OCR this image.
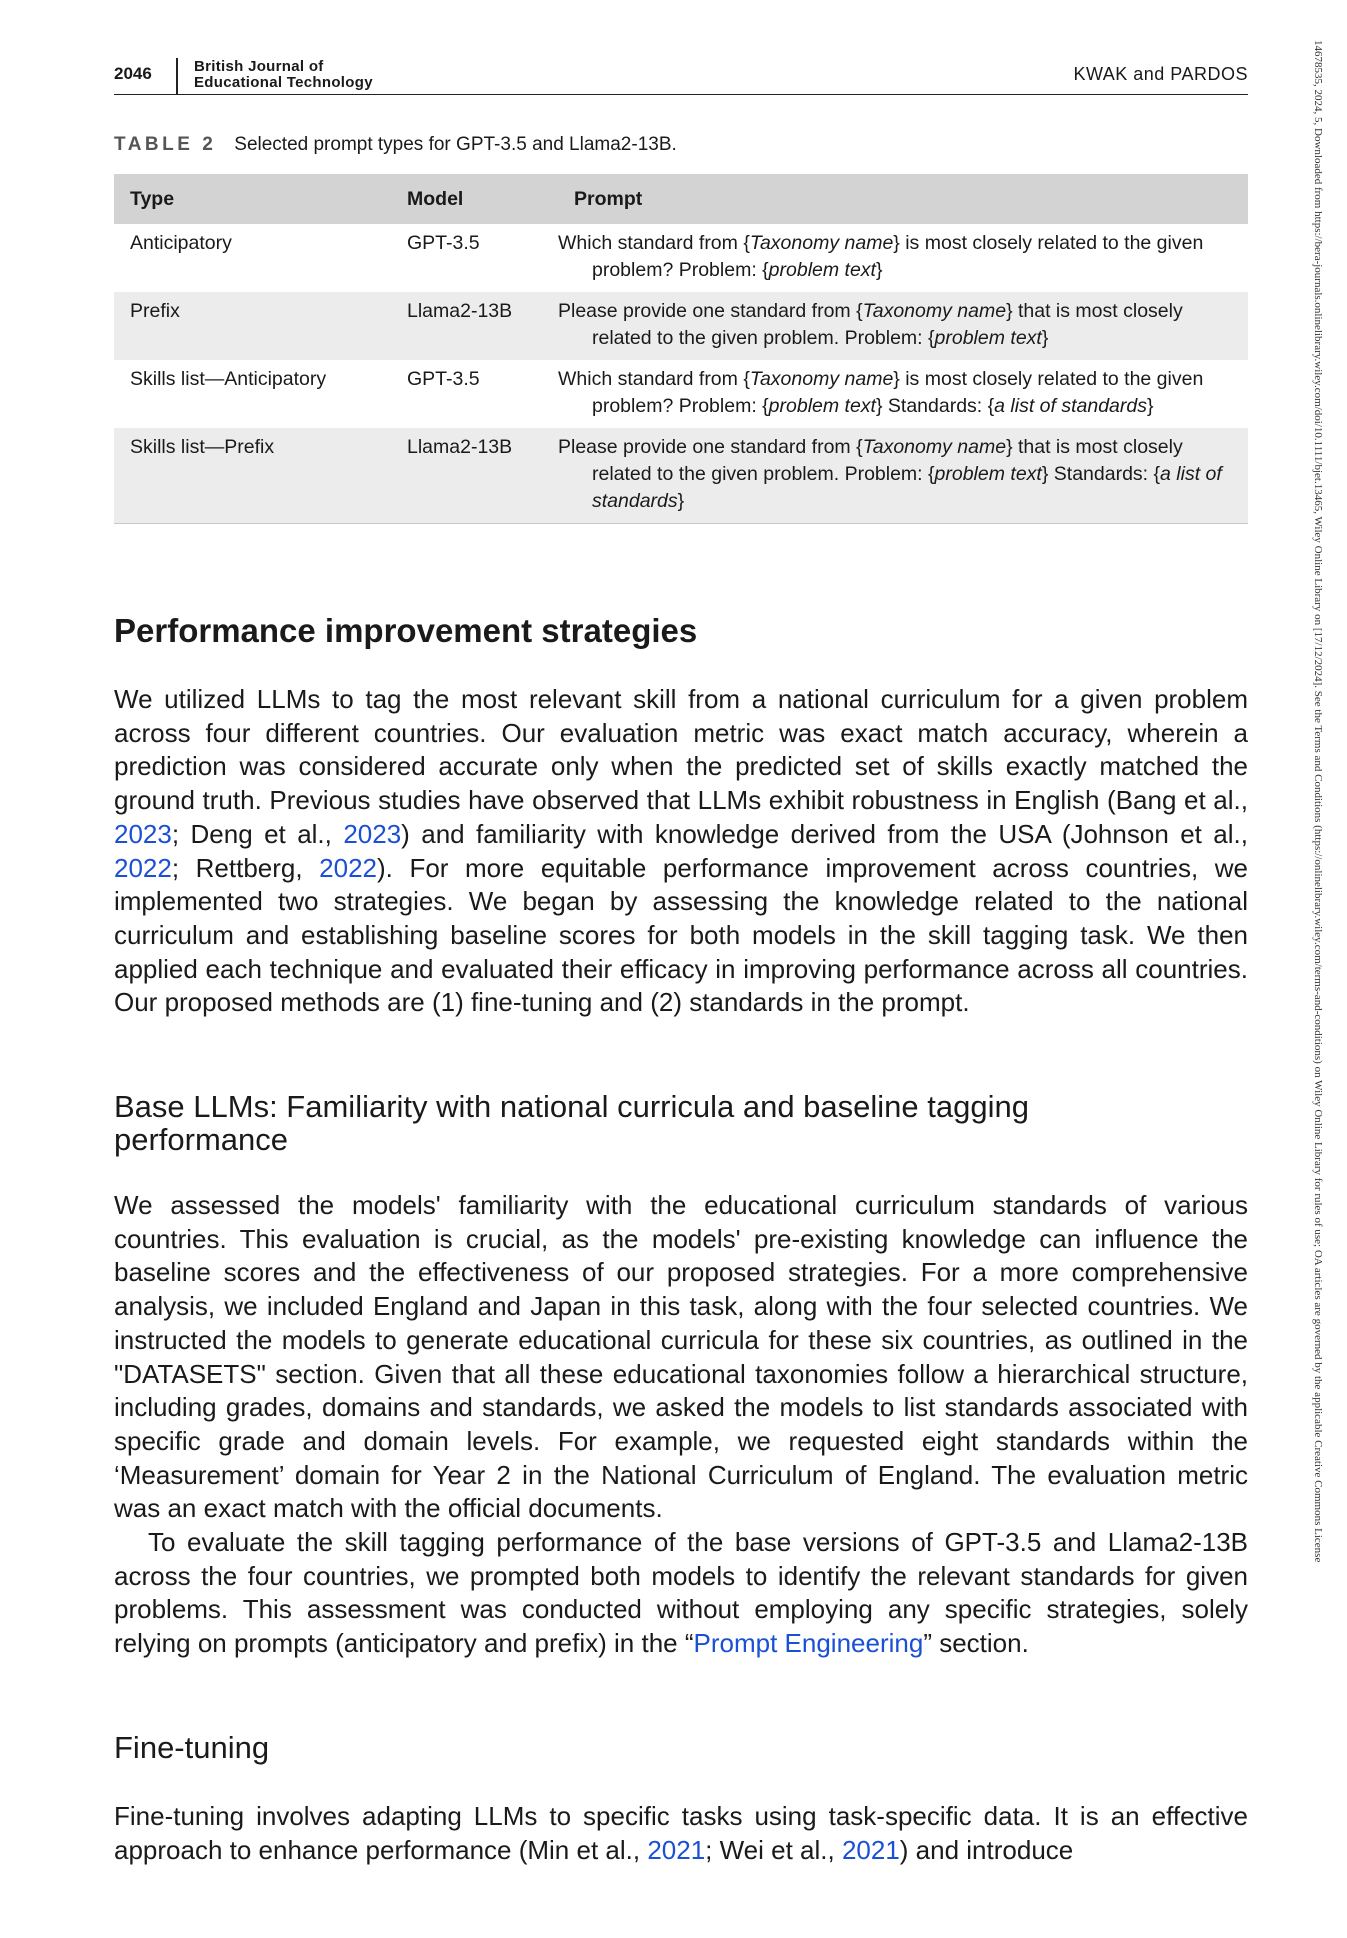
2046	British Journal of
Educational Technology	KWAK and PARDOS	14678535, 2024, 5, Downloaded from https://bera-journals.onlinelibrary.wiley.com/doi/10.1111/bjet.13465, Wiley Online Library on [17/12/2024]. See the Terms and Conditions (https://onlinelibrary.wiley.com/terms-and-conditions) on Wiley Online Library for rules of use; OA articles are governed by the applicable Creative Commons License
TABLE 2 Selected prompt types for GPT-3.5 and Llama2-13B.
Type	Model	Prompt
Anticipatory	GPT-3.5	Which standard from {Taxonomy name} is most closely related to the given problem? Problem: {problem text}
Prefix	Llama2-13B	Please provide one standard from {Taxonomy name} that is most closely related to the given problem. Problem: {problem text}
Skills list—Anticipatory	GPT-3.5	Which standard from {Taxonomy name} is most closely related to the given problem? Problem: {problem text} Standards: {a list of standards}
Skills list—Prefix	Llama2-13B	Please provide one standard from {Taxonomy name} that is most closely related to the given problem. Problem: {problem text} Standards: {a list of standards}
Performance improvement strategies

We utilized LLMs to tag the most relevant skill from a national curriculum for a given problem across four different countries. Our evaluation metric was exact match accuracy, wherein a prediction was considered accurate only when the predicted set of skills exactly matched the ground truth. Previous studies have observed that LLMs exhibit robustness in English (Bang et al., 2023; Deng et al., 2023) and familiarity with knowledge derived from the USA (Johnson et al., 2022; Rettberg, 2022). For more equitable performance improvement across countries, we implemented two strategies. We began by assessing the knowledge related to the national curriculum and establishing baseline scores for both models in the skill tagging task. We then applied each technique and evaluated their efficacy in improving performance across all countries. Our proposed methods are (1) fine-tuning and (2) standards in the prompt.

Base LLMs: Familiarity with national curricula and baseline tagging performance

We assessed the models' familiarity with the educational curriculum standards of various countries. This evaluation is crucial, as the models' pre-existing knowledge can influence the baseline scores and the effectiveness of our proposed strategies. For a more comprehensive analysis, we included England and Japan in this task, along with the four selected countries. We instructed the models to generate educational curricula for these six countries, as outlined in the "DATASETS" section. Given that all these educational taxonomies follow a hierarchical structure, including grades, domains and standards, we asked the models to list standards associated with specific grade and domain levels. For example, we requested eight standards within the ‘Measurement’ domain for Year 2 in the National Curriculum of England. The evaluation metric was an exact match with the official documents.

To evaluate the skill tagging performance of the base versions of GPT-3.5 and Llama2-13B across the four countries, we prompted both models to identify the relevant standards for given problems. This assessment was conducted without employing any specific strategies, solely relying on prompts (anticipatory and prefix) in the “Prompt Engineering” section.

Fine-tuning

Fine-tuning involves adapting LLMs to specific tasks using task-specific data. It is an effective approach to enhance performance (Min et al., 2021; Wei et al., 2021) and introduce
